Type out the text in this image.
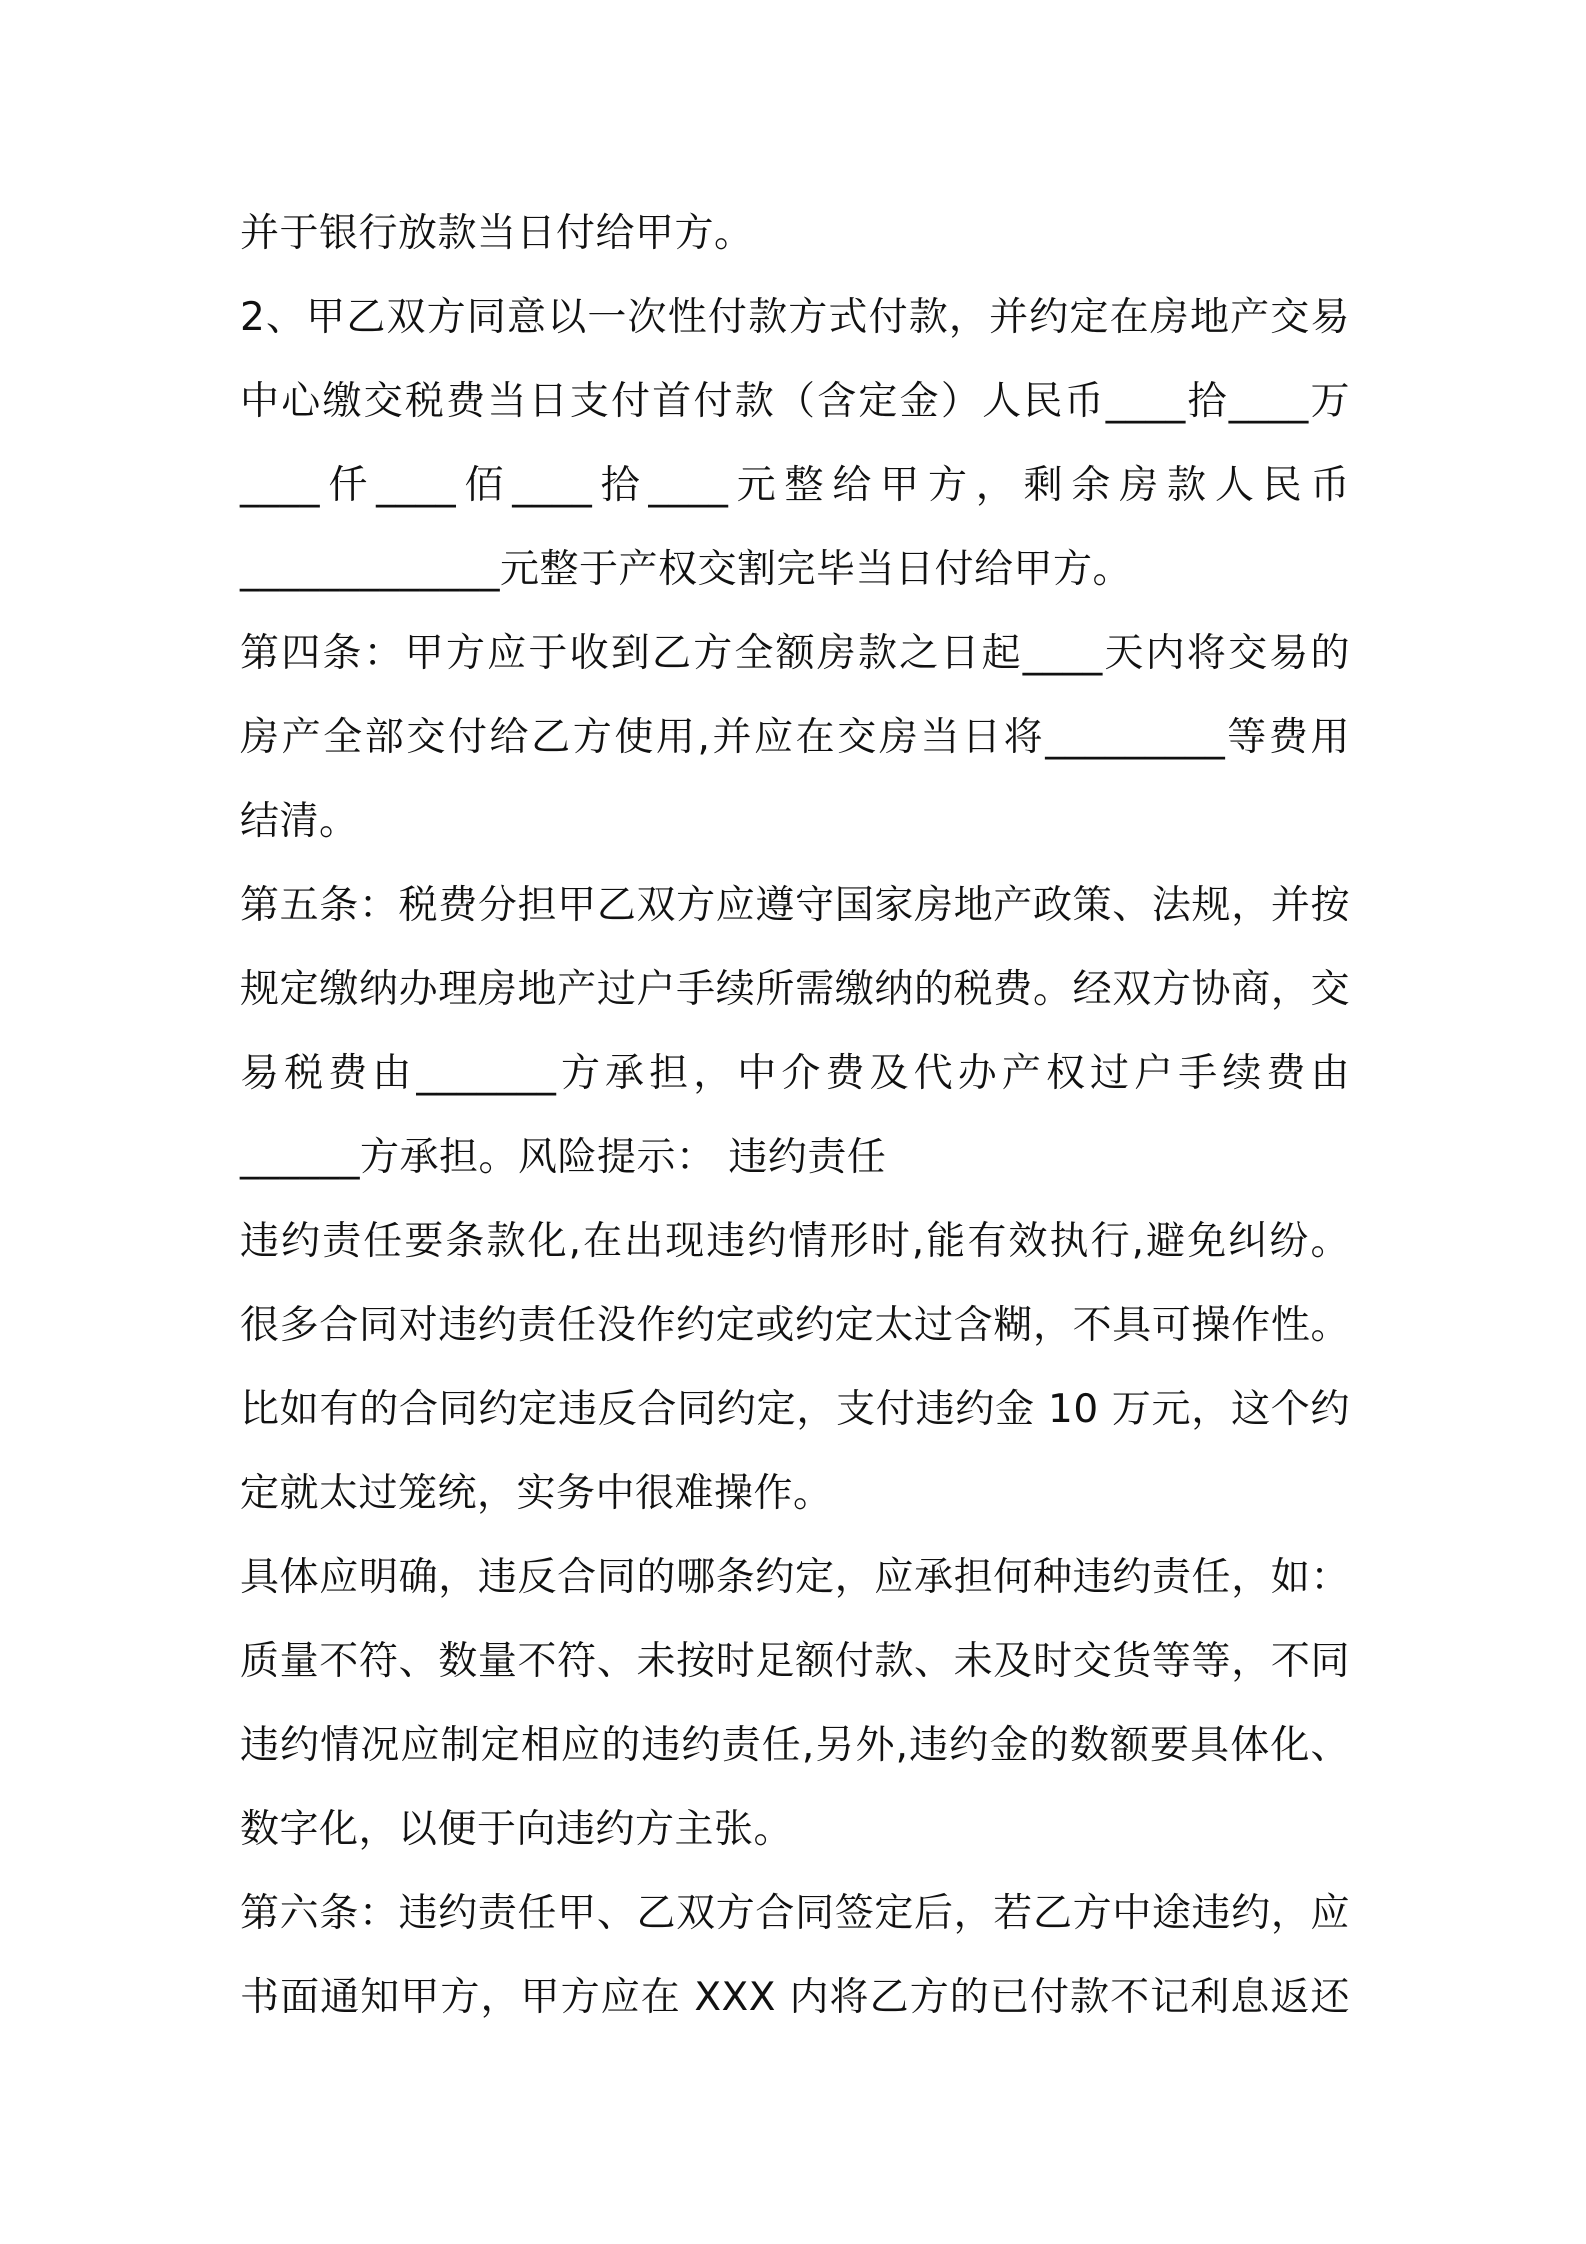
并于银行放款当日付给甲方。
2、甲乙双方同意以一次性付款方式付款，并约定在房地产交易
中心缴交税费当日支付首付款（含定金）人民币____拾____万
____仟____佰____拾____元整给甲方，剩余房款人民币
_____________元整于产权交割完毕当日付给甲方。
第四条：甲方应于收到乙方全额房款之日起____天内将交易的
房产全部交付给乙方使用,并应在交房当日将_________等费用
结清。
第五条：税费分担甲乙双方应遵守国家房地产政策、法规，并按
规定缴纳办理房地产过户手续所需缴纳的税费。经双方协商，交
易税费由_______方承担，中介费及代办产权过户手续费由
______方承担。风险提示： 违约责任
违约责任要条款化,在出现违约情形时,能有效执行,避免纠纷。
很多合同对违约责任没作约定或约定太过含糊，不具可操作性。
比如有的合同约定违反合同约定，支付违约金 10 万元，这个约
定就太过笼统，实务中很难操作。
具体应明确，违反合同的哪条约定，应承担何种违约责任，如：
质量不符、数量不符、未按时足额付款、未及时交货等等，不同
违约情况应制定相应的违约责任,另外,违约金的数额要具体化、
数字化，以便于向违约方主张。
第六条：违约责任甲、乙双方合同签定后，若乙方中途违约，应
书面通知甲方，甲方应在 XXX 内将乙方的已付款不记利息返还
